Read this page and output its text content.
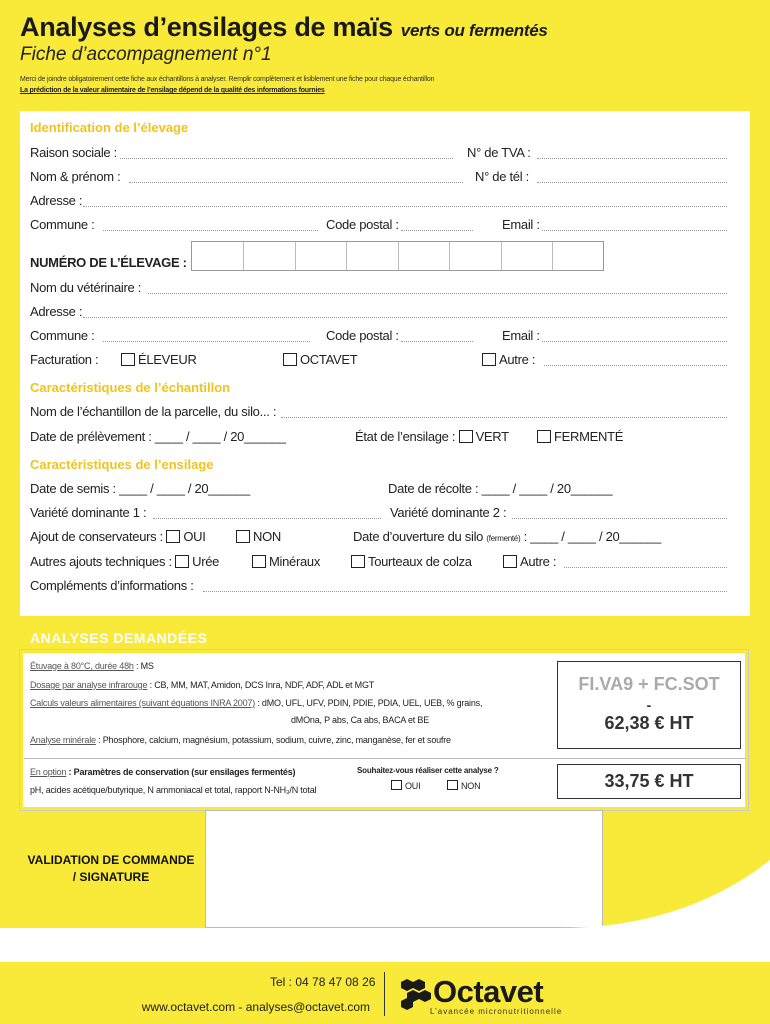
Analyses d’ensilages de maïs verts ou fermentés
Fiche d’accompagnement n°1
Merci de joindre obligatoirement cette fiche aux échantillons à analyser. Remplir complètement et lisiblement une fiche pour chaque échantillon
La prédiction de la valeur alimentaire de l’ensilage dépend de la qualité des informations fournies
Identification de l’élevage
Raison sociale :	N° de TVA :
Nom & prénom :	N° de tél :
Adresse :
Commune :	Code postal :	Email :
NUMÉRO DE L’ÉLEVAGE :
Nom du vétérinaire :
Adresse :
Commune :	Code postal :	Email :
Facturation :	ÉLEVEUR	OCTAVET	Autre :
Caractéristiques de l’échantillon
Nom de l’échantillon de la parcelle, du silo... :
Date de prélèvement : ____ / ____ / 20______	État de l’ensilage : VERT	FERMENTÉ
Caractéristiques de l’ensilage
Date de semis : ____ / ____ / 20______	Date de récolte : ____ / ____ / 20______
Variété dominante 1 :	Variété dominante 2 :
Ajout de conservateurs : OUI	NON	Date d’ouverture du silo (fermenté) : ____ / ____ / 20______
Autres ajouts techniques : Urée	Minéraux	Tourteaux de colza	Autre :
Compléments d’informations :
ANALYSES DEMANDÉES
Étuvage à 80°C, durée 48h : MS
Dosage par analyse infrarouge : CB, MM, MAT, Amidon, DCS Inra, NDF, ADF, ADL et MGT
Calculs valeurs alimentaires (suivant équations INRA 2007) : dMO, UFL, UFV, PDIN, PDIE, PDIA, UEL, UEB, % grains,
dMOna, P abs, Ca abs, BACA et BE
Analyse minérale : Phosphore, calcium, magnésium, potassium, sodium, cuivre, zinc, manganèse, fer et soufre
FI.VA9 + FC.SOT
-
62,38 € HT
En option : Paramètres de conservation (sur ensilages fermentés)
pH, acides acétique/butyrique, N ammoniacal et total, rapport N-NH₃/N total
Souhaitez-vous réaliser cette analyse ?
OUI	NON	33,75 € HT
VALIDATION DE COMMANDE
/ SIGNATURE
Tel : 04 78 47 08 26
www.octavet.com - analyses@octavet.com Octavet
L’avancée micronutritionnelle
